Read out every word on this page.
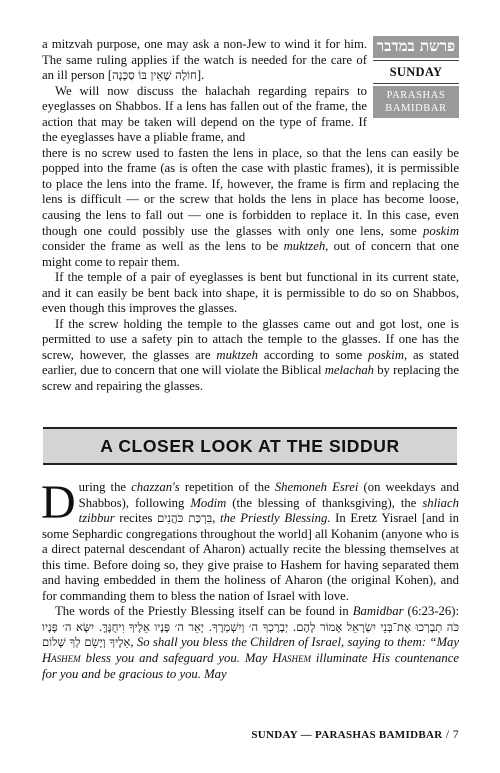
פרשת במדבר
SUNDAY
PARASHAS
BAMIDBAR

a mitzvah purpose, one may ask a non-Jew to wind it for him. The same ruling applies if the watch is needed for the care of an ill person [חוֹלֶה שֶׁאֵין בּוֹ סַכָּנָה].

We will now discuss the halachah regarding repairs to eyeglasses on Shabbos. If a lens has fallen out of the frame, the action that may be taken will depend on the type of frame. If the eyeglasses have a pliable frame, and

there is no screw used to fasten the lens in place, so that the lens can easily be popped into the frame (as is often the case with plastic frames), it is permissible to place the lens into the frame. If, however, the frame is firm and replacing the lens is difficult — or the screw that holds the lens in place has become loose, causing the lens to fall out — one is forbidden to replace it. In this case, even though one could possibly use the glasses with only one lens, some poskim consider the frame as well as the lens to be muktzeh, out of concern that one might come to repair them.

If the temple of a pair of eyeglasses is bent but functional in its current state, and it can easily be bent back into shape, it is permissible to do so on Shabbos, even though this improves the glasses.

If the screw holding the temple to the glasses came out and got lost, one is permitted to use a safety pin to attach the temple to the glasses. If one has the screw, however, the glasses are muktzeh according to some poskim, as stated earlier, due to concern that one will violate the Biblical melachah by replacing the screw and repairing the glasses.

A CLOSER LOOK AT THE SIDDUR

During the chazzan's repetition of the Shemoneh Esrei (on weekdays and Shabbos), following Modim (the blessing of thanksgiving), the shliach tzibbur recites בִּרְכַּת כֹּהֲנִים, the Priestly Blessing. In Eretz Yisrael [and in some Sephardic congregations throughout the world] all Kohanim (anyone who is a direct paternal descendant of Aharon) actually recite the blessing themselves at this time. Before doing so, they give praise to Hashem for having separated them and having embedded in them the holiness of Aharon (the original Kohen), and for commanding them to bless the nation of Israel with love.

The words of the Priestly Blessing itself can be found in Bamidbar (6:23-26): כֹּה תְבָרְכוּ אֶת־בְּנֵי יִשְׂרָאֵל אָמוֹר לָהֶם. יְבָרֶכְךָ ה׳ וְיִשְׁמְרֶךָ. יָאֵר ה׳ פָּנָיו אֵלֶיךָ וִיחֻנֶּךָּ. יִשָּׂא ה׳ פָּנָיו אֵלֶיךָ וְיָשֵׂם לְךָ שָׁלוֹם, So shall you bless the Children of Israel, saying to them: “May Hashem bless you and safeguard you. May Hashem illuminate His countenance for you and be gracious to you. May

SUNDAY — PARASHAS BAMIDBAR / 7
